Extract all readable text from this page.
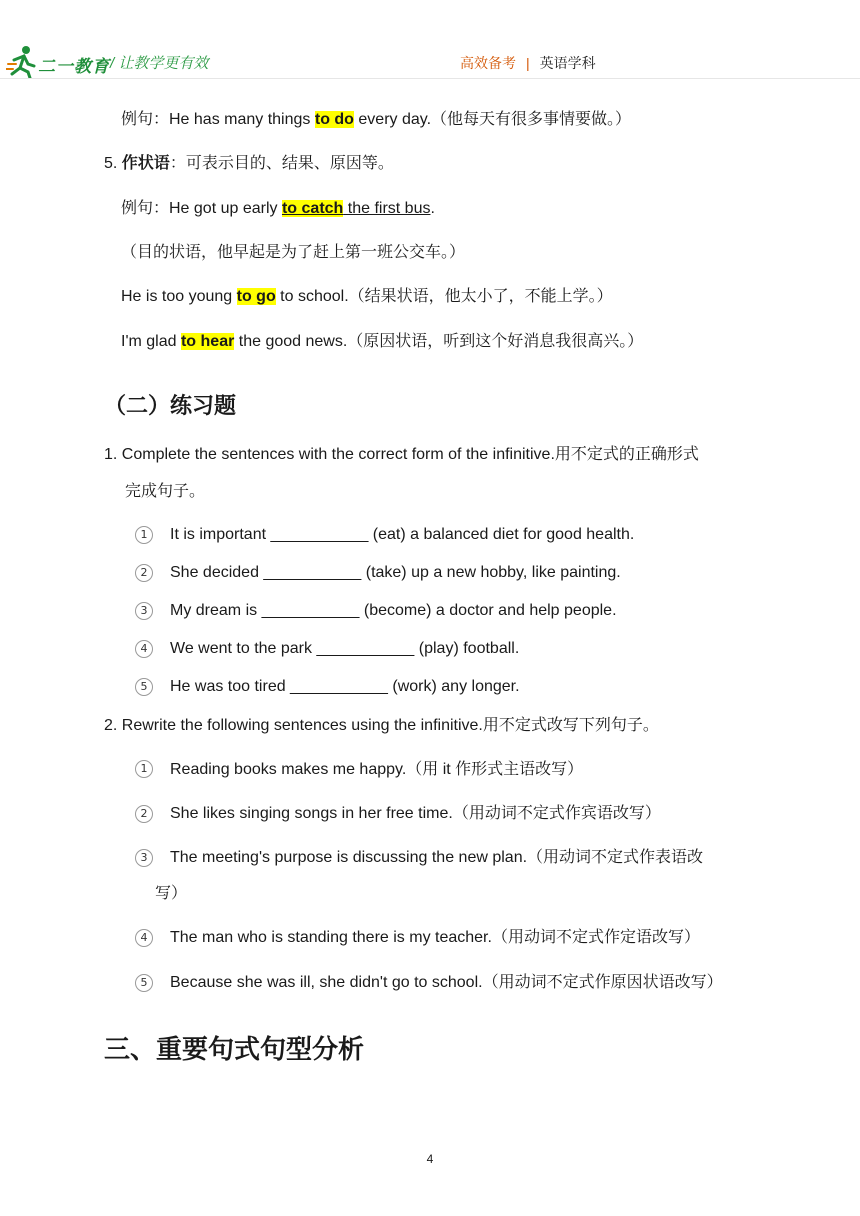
二一教育 / 让教学更有效	高效备考 | 英语学科
例句：He has many things to do every day.（他每天有很多事情要做。）
5. 作状语：可表示目的、结果、原因等。
例句：He got up early to catch the first bus.
（目的状语，他早起是为了赶上第一班公交车。）
He is too young to go to school.（结果状语，他太小了，不能上学。）
I'm glad to hear the good news.（原因状语，听到这个好消息我很高兴。）
（二）练习题
1. Complete the sentences with the correct form of the infinitive.用不定式的正确形式
完成句子。
1	It is important ___________ (eat) a balanced diet for good health.
2	She decided ___________ (take) up a new hobby, like painting.
3	My dream is ___________ (become) a doctor and help people.
4	We went to the park ___________ (play) football.
5	He was too tired ___________ (work) any longer.
2. Rewrite the following sentences using the infinitive.用不定式改写下列句子。
1	Reading books makes me happy.（用 it 作形式主语改写）
2	She likes singing songs in her free time.（用动词不定式作宾语改写）
3	The meeting's purpose is discussing the new plan.（用动词不定式作表语改
写）
4	The man who is standing there is my teacher.（用动词不定式作定语改写）
5	Because she was ill, she didn't go to school.（用动词不定式作原因状语改写）
三、重要句式句型分析
4
